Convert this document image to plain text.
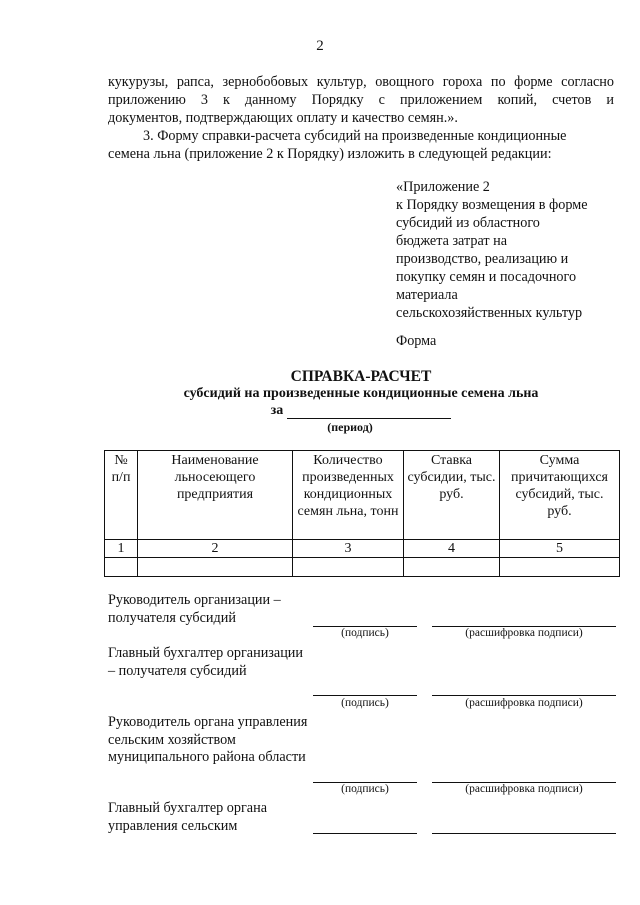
2
кукурузы, рапса, зернобобовых культур, овощного гороха по форме согласно
приложению 3 к данному Порядку с приложением копий, счетов и
документов, подтверждающих оплату и качество семян.».
3. Форму справки-расчета субсидий на произведенные кондиционные
семена льна (приложение 2 к Порядку) изложить в следующей редакции:
«Приложение 2
к Порядку возмещения в форме
субсидий из областного
бюджета затрат на
производство, реализацию и
покупку семян и посадочного
материала
сельскохозяйственных культур
Форма
СПРАВКА-РАСЧЕТ
субсидий на произведенные кондиционные семена льна
за
(период)
№ п/п	Наименование льносеющего предприятия	Количество произведенных кондиционных семян льна, тонн	Ставка субсидии, тыс. руб.	Сумма причитающихся субсидий, тыс. руб.
1	2	3	4	5

Руководитель организации – получателя субсидий
(подпись)	(расшифровка подписи)
Главный бухгалтер организации – получателя субсидий
(подпись)	(расшифровка подписи)
Руководитель органа управления сельским хозяйством муниципального района области
(подпись)	(расшифровка подписи)
Главный бухгалтер органа управления сельским
